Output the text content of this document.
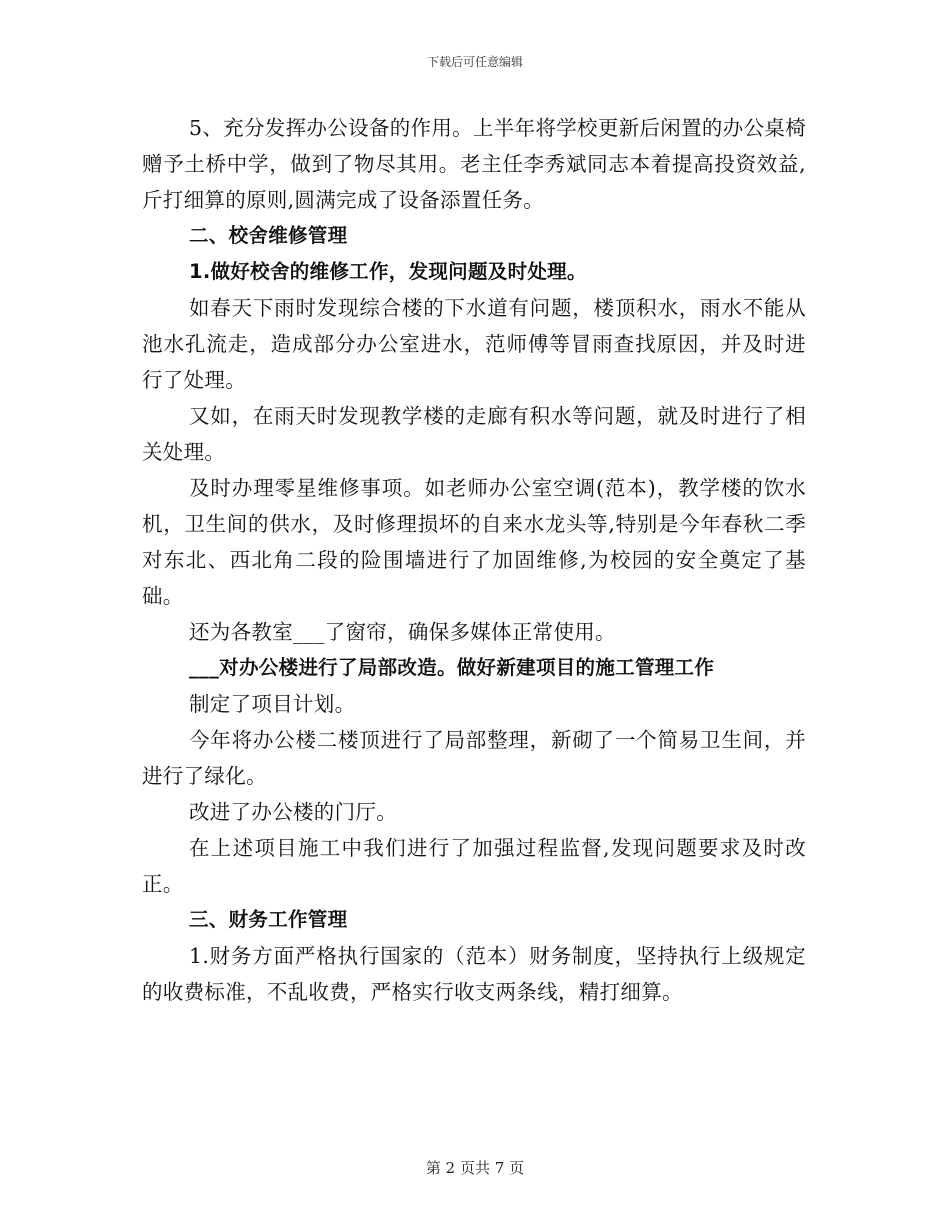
下载后可任意编辑

5、充分发挥办公设备的作用。上半年将学校更新后闲置的办公桌椅赠予土桥中学，做到了物尽其用。老主任李秀斌同志本着提高投资效益,斤打细算的原则,圆满完成了设备添置任务。

二、校舍维修管理

1.做好校舍的维修工作，发现问题及时处理。

如春天下雨时发现综合楼的下水道有问题，楼顶积水，雨水不能从池水孔流走，造成部分办公室进水，范师傅等冒雨查找原因，并及时进行了处理。

又如，在雨天时发现教学楼的走廊有积水等问题，就及时进行了相关处理。

及时办理零星维修事项。如老师办公室空调(范本)，教学楼的饮水机，卫生间的供水，及时修理损坏的自来水龙头等,特别是今年春秋二季对东北、西北角二段的险围墙进行了加固维修,为校园的安全奠定了基础。

还为各教室___了窗帘，确保多媒体正常使用。

___对办公楼进行了局部改造。做好新建项目的施工管理工作

制定了项目计划。

今年将办公楼二楼顶进行了局部整理，新砌了一个简易卫生间，并进行了绿化。

改进了办公楼的门厅。

在上述项目施工中我们进行了加强过程监督,发现问题要求及时改正。

三、财务工作管理

1.财务方面严格执行国家的（范本）财务制度，坚持执行上级规定的收费标准，不乱收费，严格实行收支两条线，精打细算。

第 2 页共 7 页
